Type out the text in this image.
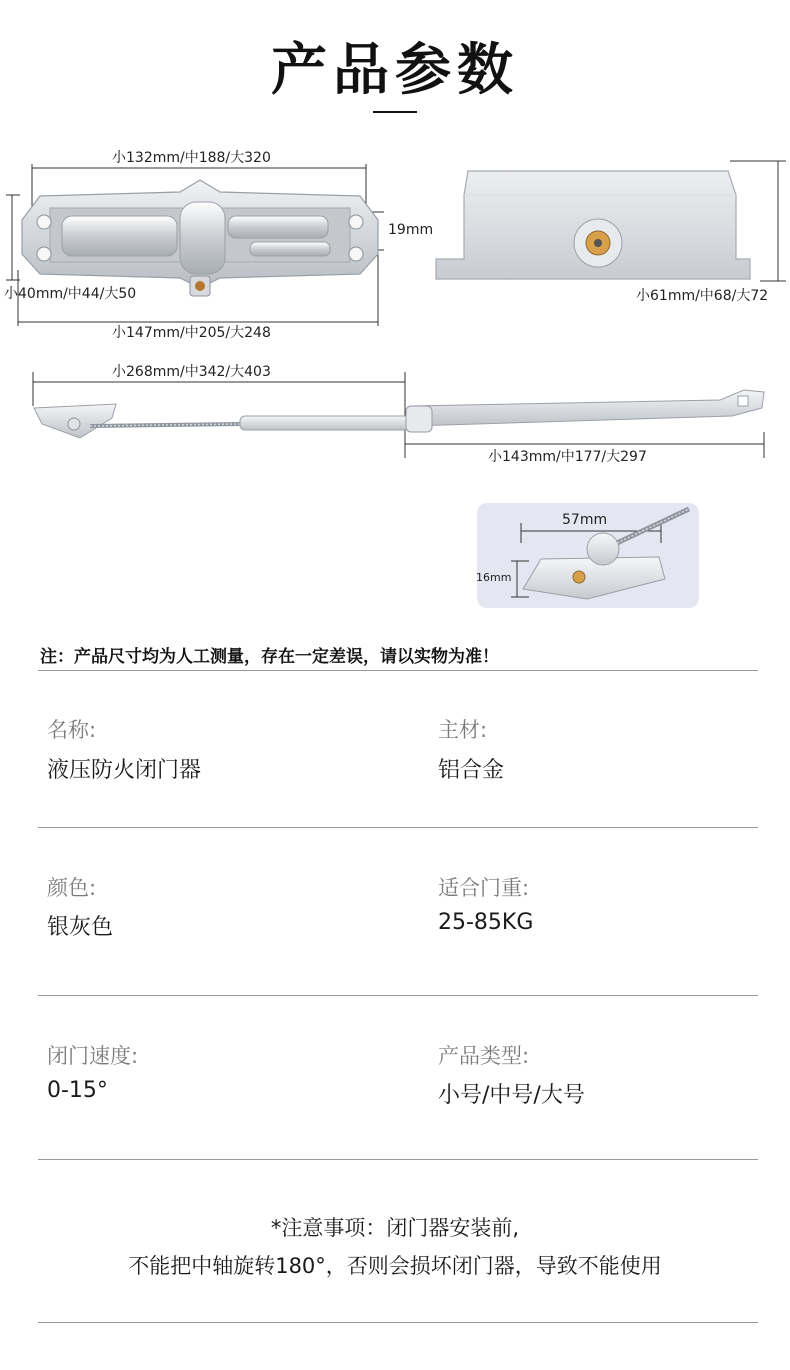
产品参数
小132mm/中188/大320
19mm
小40mm/中44/大50
小147mm/中205/大248
小61mm/中68/大72
小268mm/中342/大403
小143mm/中177/大297
57mm
16mm
注：产品尺寸均为人工测量，存在一定差误，请以实物为准！
名称:
液压防火闭门器
主材:
铝合金
颜色:
银灰色
适合门重:
25-85KG
闭门速度:
0-15°
产品类型:
小号/中号/大号
*注意事项：闭门器安装前,
不能把中轴旋转180°，否则会损坏闭门器，导致不能使用
